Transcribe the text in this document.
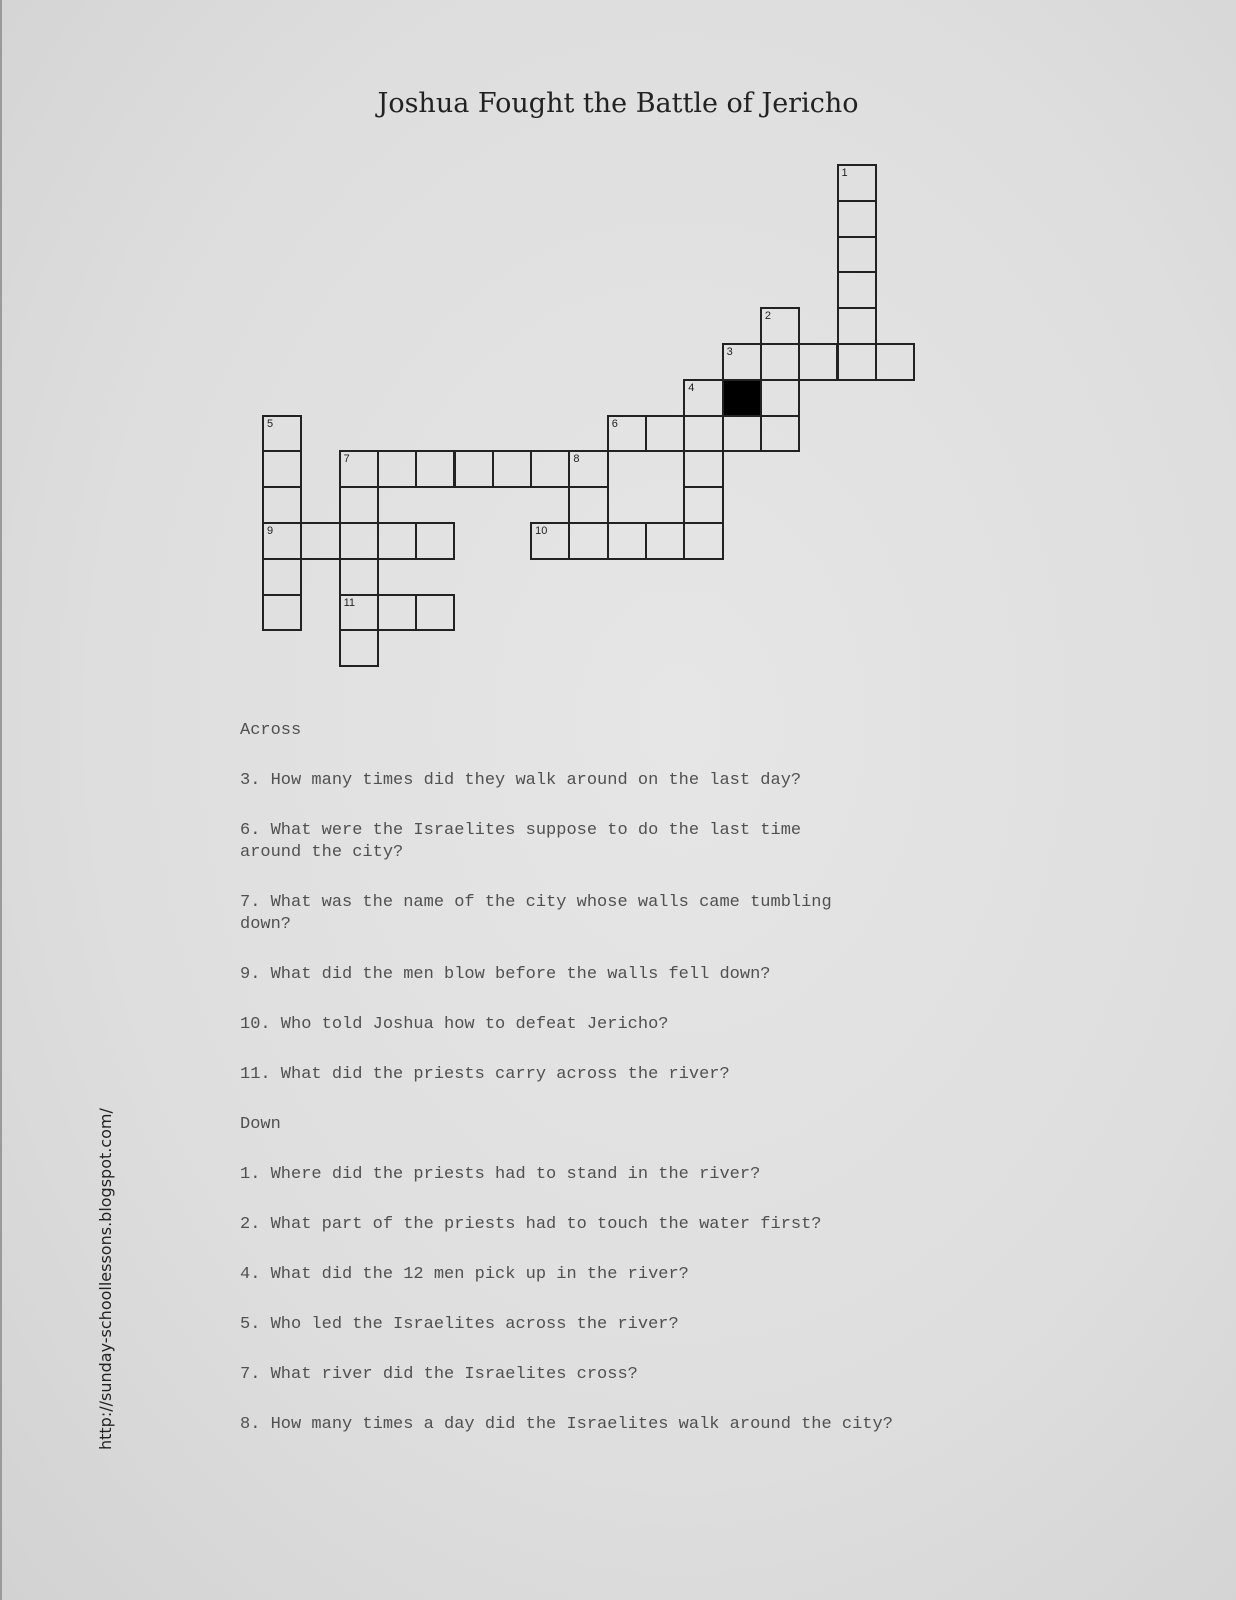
Joshua Fought the Battle of Jericho
1
2
3
4
5
9
6
7	8
11
10
Across
3. How many times did they walk around on the last day?
6. What were the Israelites suppose to do the last time
around the city?
7. What was the name of the city whose walls came tumbling
down?
9. What did the men blow before the walls fell down?
10. Who told Joshua how to defeat Jericho?
11. What did the priests carry across the river?
Down
1. Where did the priests had to stand in the river?
2. What part of the priests had to touch the water first?
4. What did the 12 men pick up in the river?
5. Who led the Israelites across the river?
7. What river did the Israelites cross?
8. How many times a day did the Israelites walk around the city?
http://sunday-schoollessons.blogspot.com/
